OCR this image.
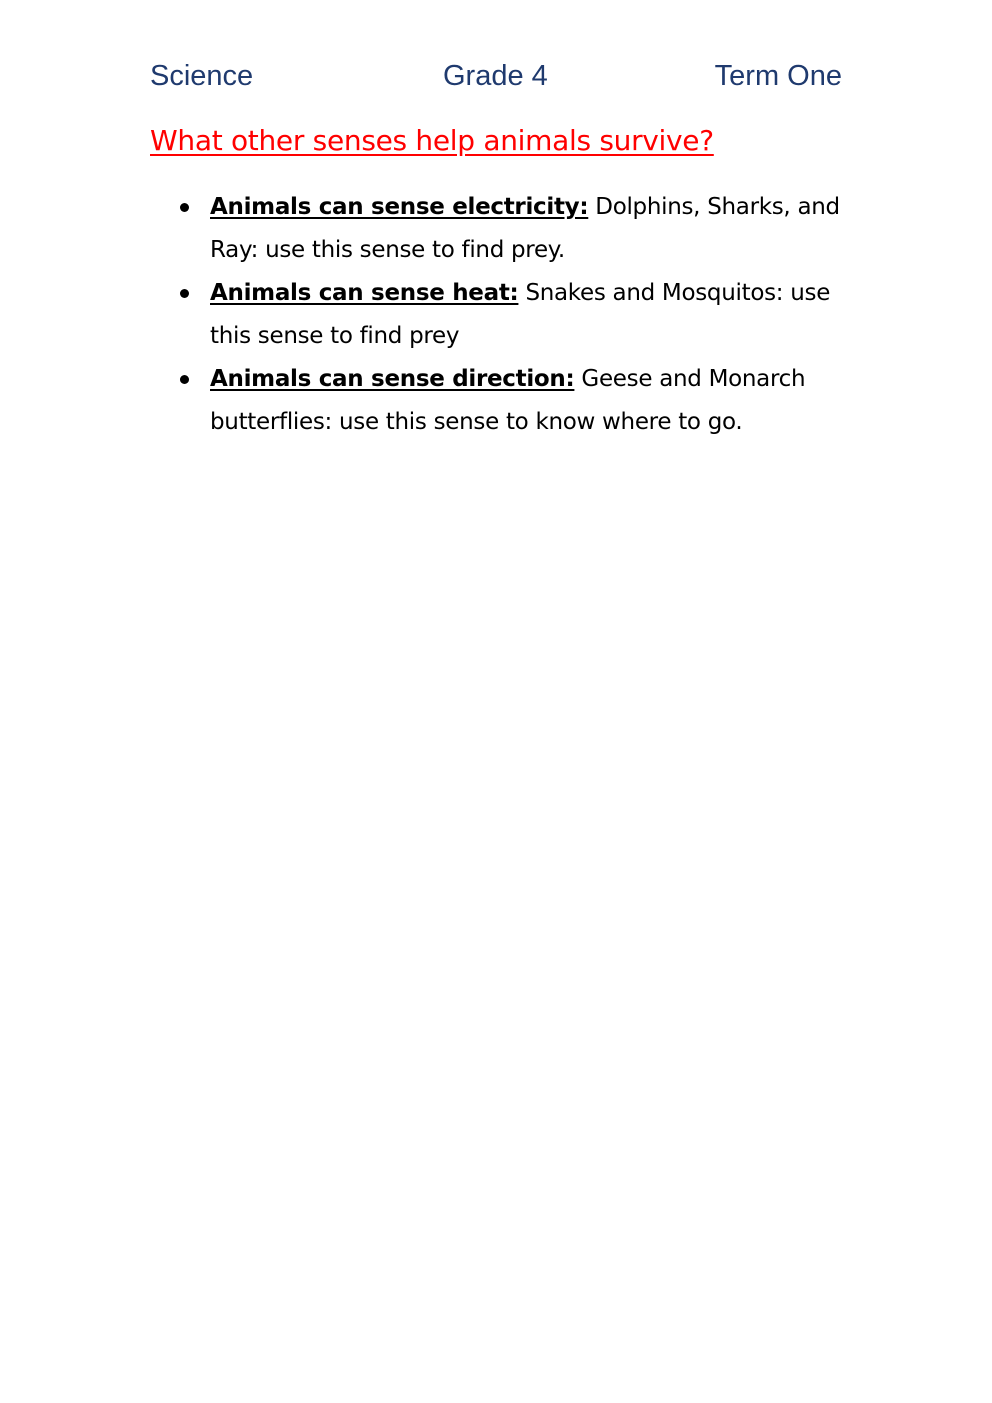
Science	Grade 4	Term One
What other senses help animals survive?
Animals can sense electricity: Dolphins, Sharks, and Ray: use this sense to find prey.
Animals can sense heat: Snakes and Mosquitos: use this sense to find prey
Animals can sense direction: Geese and Monarch butterflies: use this sense to know where to go.
